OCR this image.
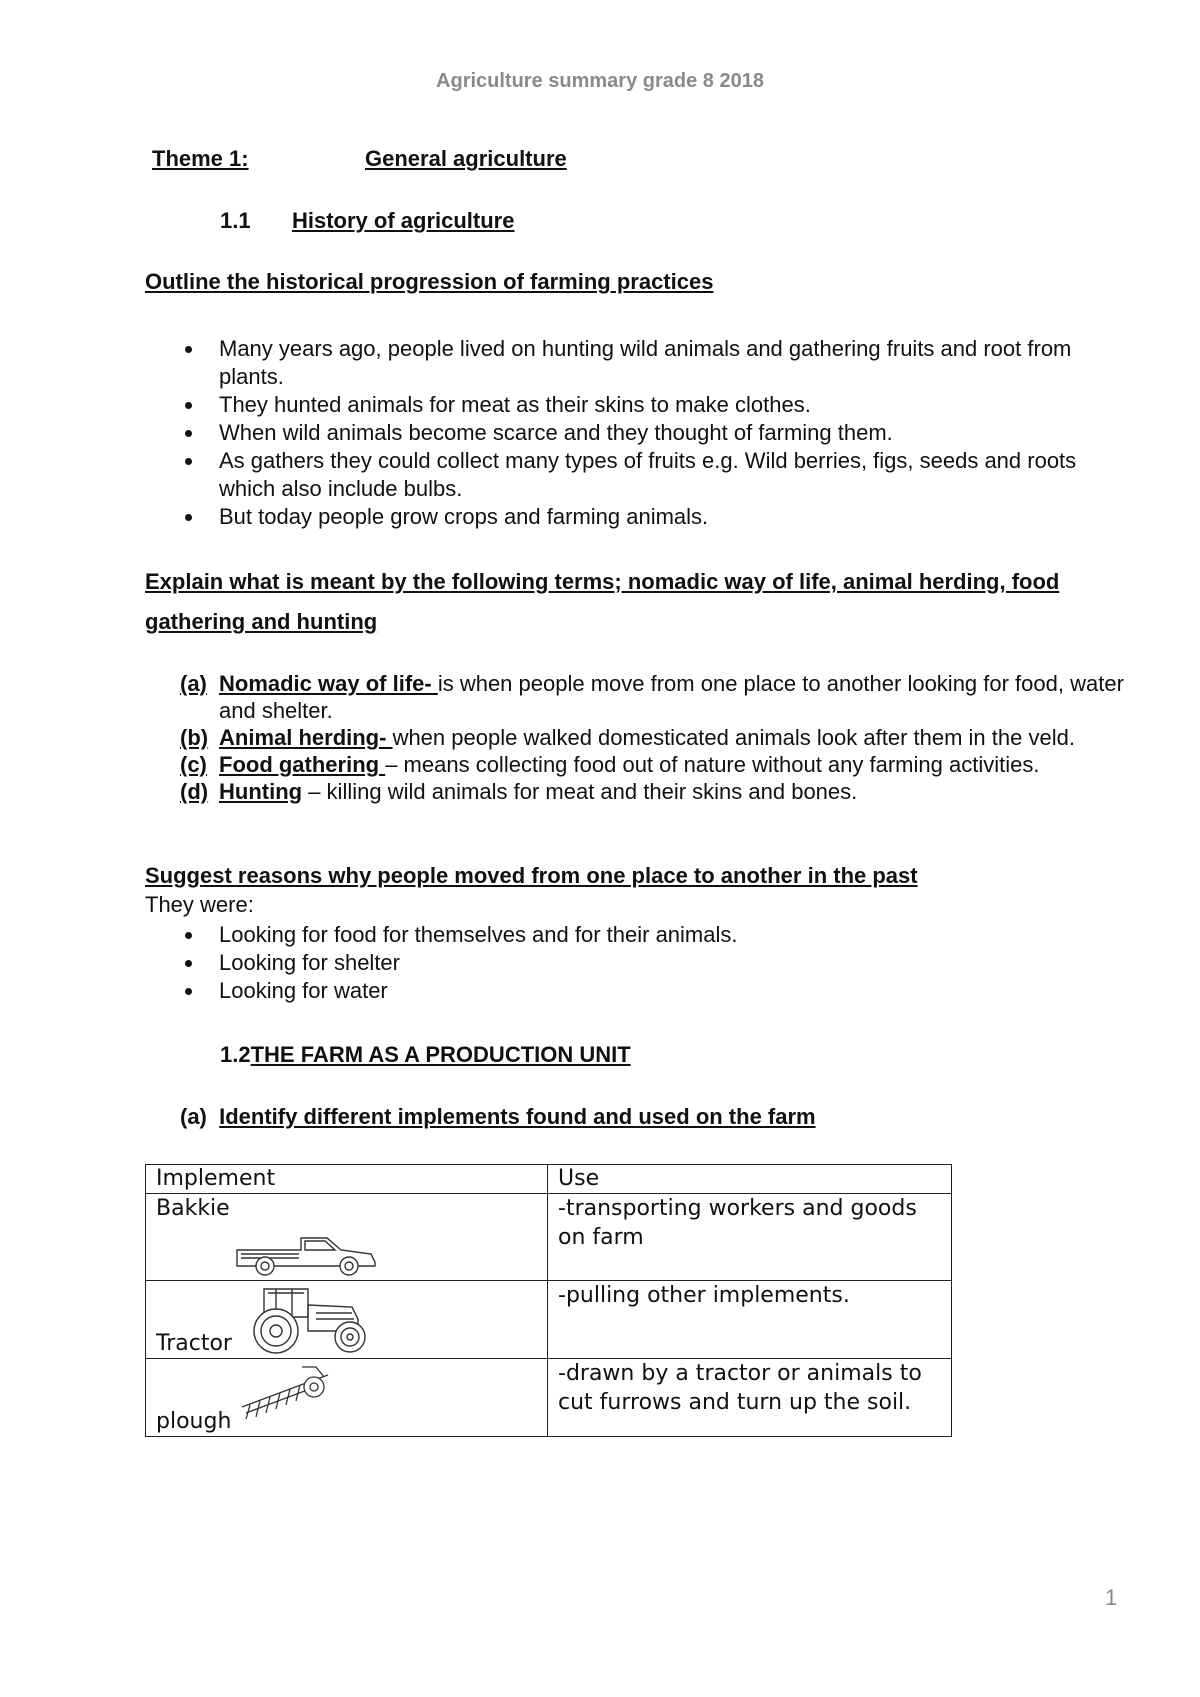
Agriculture summary grade 8 2018
Theme 1:	General agriculture
1.1 History of agriculture
Outline the historical progression of farming practices
Many years ago, people lived on hunting wild animals and gathering fruits and root from plants.
They hunted animals for meat as their skins to make clothes.
When wild animals become scarce and they thought of farming them.
As gathers they could collect many types of fruits e.g. Wild berries, figs, seeds and roots which also include bulbs.
But today people grow crops and farming animals.
Explain what is meant by the following terms; nomadic way of life, animal herding, food gathering and hunting
(a) Nomadic way of life- is when people move from one place to another looking for food, water and shelter.
(b) Animal herding- when people walked domesticated animals look after them in the veld.
(c) Food gathering – means collecting food out of nature without any farming activities.
(d) Hunting – killing wild animals for meat and their skins and bones.
Suggest reasons why people moved from one place to another in the past
They were:
Looking for food for themselves and for their animals.
Looking for shelter
Looking for water
1.2THE FARM AS A PRODUCTION UNIT
(a) Identify different implements found and used on the farm
Implement	Use

Bakkie	-transporting workers and goods on farm

Tractor	-pulling other implements.

plough	-drawn by a tractor or animals to cut furrows and turn up the soil.
1
